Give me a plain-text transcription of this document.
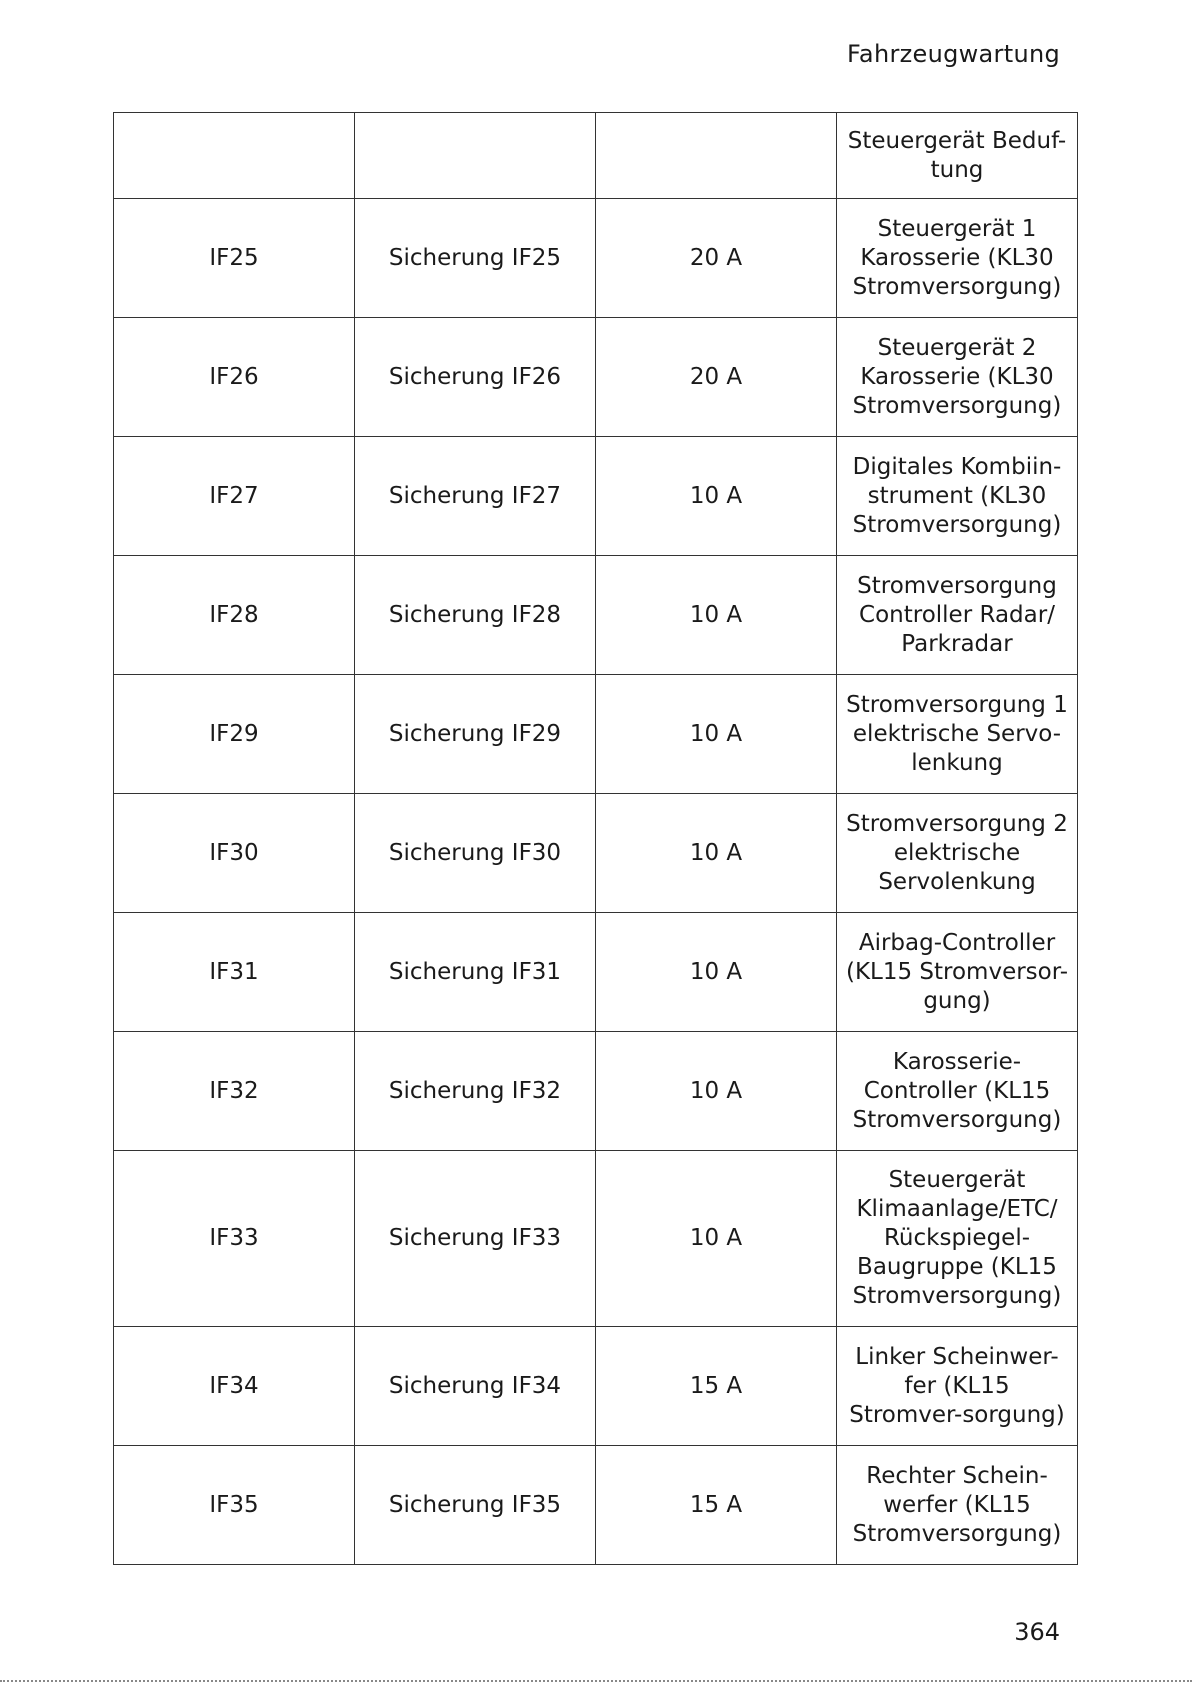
Fahrzeugwartung
			Steuergerät Beduf-tung
IF25	Sicherung IF25	20 A	Steuergerät 1 Karosserie (KL30 Stromversorgung)
IF26	Sicherung IF26	20 A	Steuergerät 2 Karosserie (KL30 Stromversorgung)
IF27	Sicherung IF27	10 A	Digitales Kombiin-strument (KL30 Stromversorgung)
IF28	Sicherung IF28	10 A	Stromversorgung Controller Radar/ Parkradar
IF29	Sicherung IF29	10 A	Stromversorgung 1 elektrische Servo-lenkung
IF30	Sicherung IF30	10 A	Stromversorgung 2 elektrische Servolenkung
IF31	Sicherung IF31	10 A	Airbag-Controller (KL15 Stromversor-gung)
IF32	Sicherung IF32	10 A	Karosserie-Controller (KL15 Stromversorgung)
IF33	Sicherung IF33	10 A	Steuergerät Klimaanlage/ETC/ Rückspiegel-Baugruppe (KL15 Stromversorgung)
IF34	Sicherung IF34	15 A	Linker Scheinwer-fer (KL15 Stromver-sorgung)
IF35	Sicherung IF35	15 A	Rechter Schein-werfer (KL15 Stromversorgung)
364
